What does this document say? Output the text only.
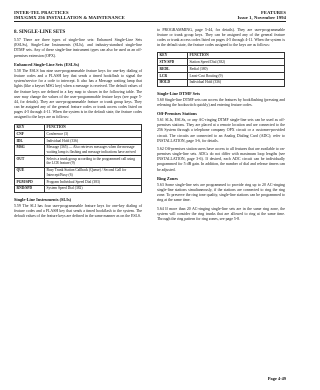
INTER-TEL PRACTICES
IMX/GMX 256 INSTALLATION & MAINTENANCE
FEATURES
Issue 1, November 1994
8. SINGLE-LINE SETS

5.57 There are three types of single-line sets: Enhanced Single-Line Sets (ESLSs), Single-Line Instruments (SLIs), and industry-standard single-line DTMF sets. Any of these single-line instrument types can also be used as an off-premises extension (OPX).

Enhanced Single-Line Sets (ESLSs)

5.58 The ESLS has nine user-programmable feature keys for one-key dialing of feature codes and a FLASH key that sends a timed hookflash to signal the system/service for a code to intercept. It also has a Message waiting lamp that lights (like a keyset MSG key) when a message is received. The default values of the feature keys are defined in a key map to shown in the following table. The user may change the values of the user-programmable feature keys (see page 5-44, for details). They are user-programmable feature or trunk group keys. They can be assigned any of the general feature codes or trunk access codes listed on pages 4-5 through 4-11. When the system is in the default state, the feature codes assigned to the keys are as follows:

KEY	FUNCTION
CNF	Conference (3)
IDL	Individual Hold (336)
MSG	Message (365) — Also retrieves messages when the message waiting lamp is flashing and message indications have arrived
OUT	Selects a trunk group according to the programmed call using the LCR feature (9)
QUE	Busy Trunk Station Callback (Queue) / Second Call for Intercept/Busy (6)
PGM/SPD	Program Individual Speed Dial (383)
RND/SPD	System Speed Dial (382)
Single-Line Instruments (SLIs)

5.59 The SLI has four user-programmable feature keys for one-key dialing of feature codes and a FLASH key that sends a timed hookflash to the system. The default values of the feature keys are defined in the same manner as on the ESLS.

to PROGRAMMING, page 5-44, for details). They are user-programmable feature or trunk group keys. They can be assigned any of the general feature codes or trunk access codes listed on pages 4-5 through 4-11. When the system is in the default state, the feature codes assigned to the keys are as follows:

KEY	FUNCTION
STN SPD	Station Speed Dial (382)
REDL	Redial (380)
LCR	Least-Cost Routing (9)
HOLD	Individual Hold (336)
Single-Line DTMF Sets

5.60 Single-line DTMF sets can access the features by hookflashing (pressing and releasing the hookswitch quickly) and entering feature codes.

Off-Premises Stations

5.61 SLIs, ESLSs, or any AC-ringing DTMF single-line sets can be used as off-premises stations. They are placed at a remote location and are connected to the 256 System through a telephone company OPX circuit or a customer-provided circuit. The circuits are connected to an Analog Dialing Card (ADC); refer to INSTALLATION, page 3-6, for details.

5.62 Off-premises station users have access to all features that are available to on-premises single-line sets. ADCs do not differ with maximum loop lengths (see INSTALLATION, page 3-6). If desired, each ADC circuit can be individually programmed for 5 dB gain. In addition, the number of dial and release timers can be adjusted.

Ring Zones

5.63 Some single-line sets are programmed to provide ring up to 20 AC-ringing single-line stations simultaneously, if the stations are connected to ring the ring zone. To preserve the ring tone quality, single-line stations can be programmed to ring at the same time.

5.64 If more than 20 AC-ringing single-line sets are in the same ring zone, the system will consider the ring trunks that are allowed to ring at the same time. Through the ring pattern for ring zones, see page 5-8.

Page 4-49
